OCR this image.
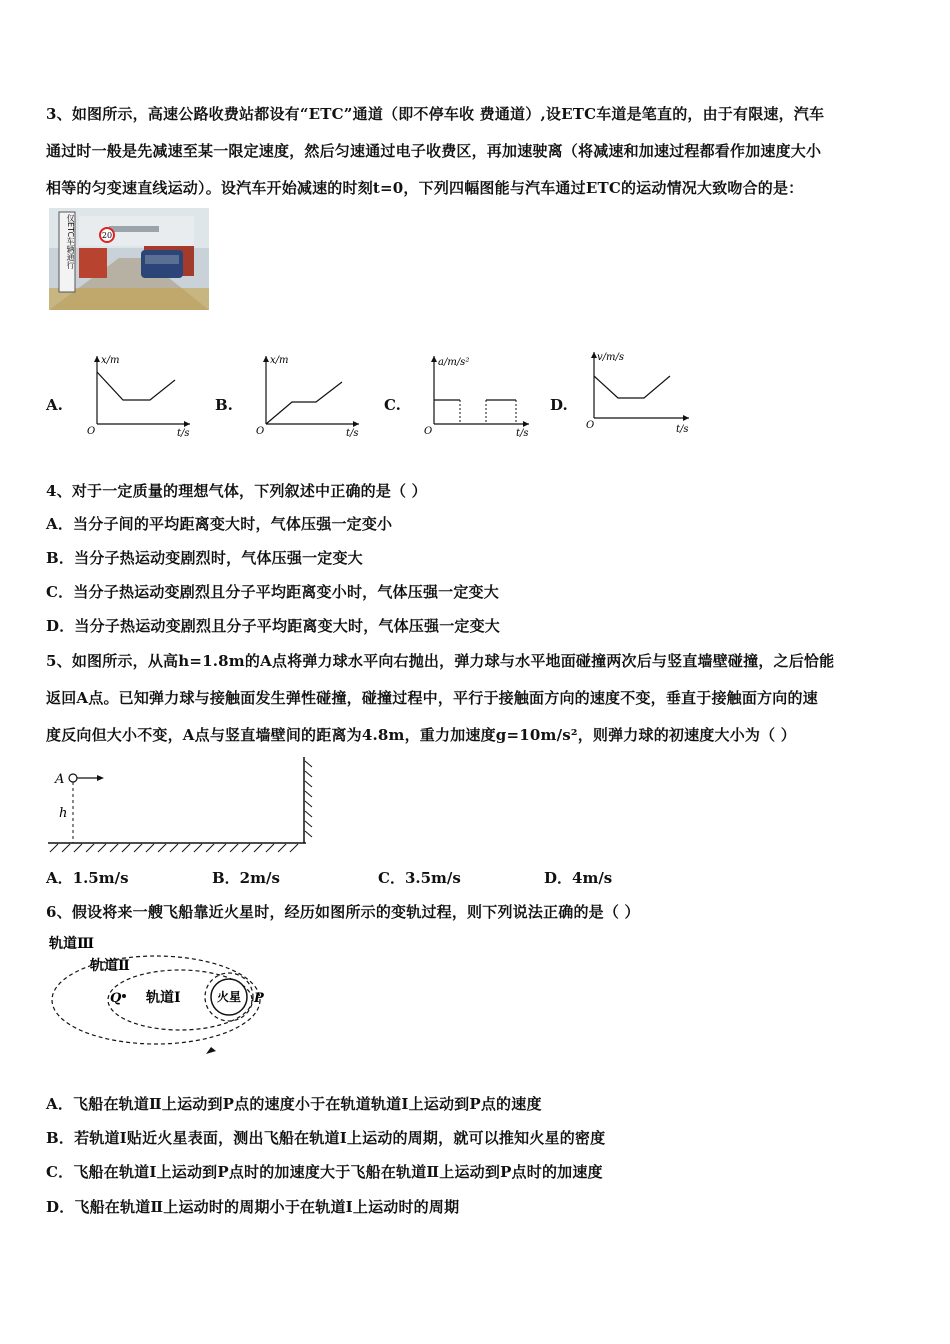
3、如图所示，高速公路收费站都设有“ETC”通道（即不停车收 费通道）,设ETC车道是笔直的，由于有限速，汽车
通过时一般是先减速至某一限定速度，然后匀速通过电子收费区，再加速驶离（将减速和加速过程都看作加速度大小
相等的匀变速直线运动）。设汽车开始减速的时刻t=0，下列四幅图能与汽车通过ETC的运动情况大致吻合的是：
20
仅ETC车辆通行
A.	B.	C.	D.
x/m
t/s
O
x/m
t/s
O
a/m/s²
t/s
O
v/m/s
t/s
O
4、对于一定质量的理想气体，下列叙述中正确的是（ ）
A．当分子间的平均距离变大时，气体压强一定变小
B．当分子热运动变剧烈时，气体压强一定变大
C．当分子热运动变剧烈且分子平均距离变小时，气体压强一定变大
D．当分子热运动变剧烈且分子平均距离变大时，气体压强一定变大
5、如图所示，从高h=1.8m的A点将弹力球水平向右抛出，弹力球与水平地面碰撞两次后与竖直墙壁碰撞，之后恰能
返回A点。已知弹力球与接触面发生弹性碰撞，碰撞过程中，平行于接触面方向的速度不变，垂直于接触面方向的速
度反向但大小不变，A点与竖直墙壁间的距离为4.8m，重力加速度g=10m/s²，则弹力球的初速度大小为（ ）
A
h
A．1.5m/s	B．2m/s	C．3.5m/s	D．4m/s
6、假设将来一艘飞船靠近火星时，经历如图所示的变轨过程，则下列说法正确的是（ ）
火星
轨道Ⅲ
轨道Ⅱ
轨道Ⅰ
Q	P
A．飞船在轨道Ⅱ上运动到P点的速度小于在轨道轨道Ⅰ上运动到P点的速度
B．若轨道I贴近火星表面，测出飞船在轨道I上运动的周期，就可以推知火星的密度
C．飞船在轨道I上运动到P点时的加速度大于飞船在轨道Ⅱ上运动到P点时的加速度
D．飞船在轨道Ⅱ上运动时的周期小于在轨道I上运动时的周期
